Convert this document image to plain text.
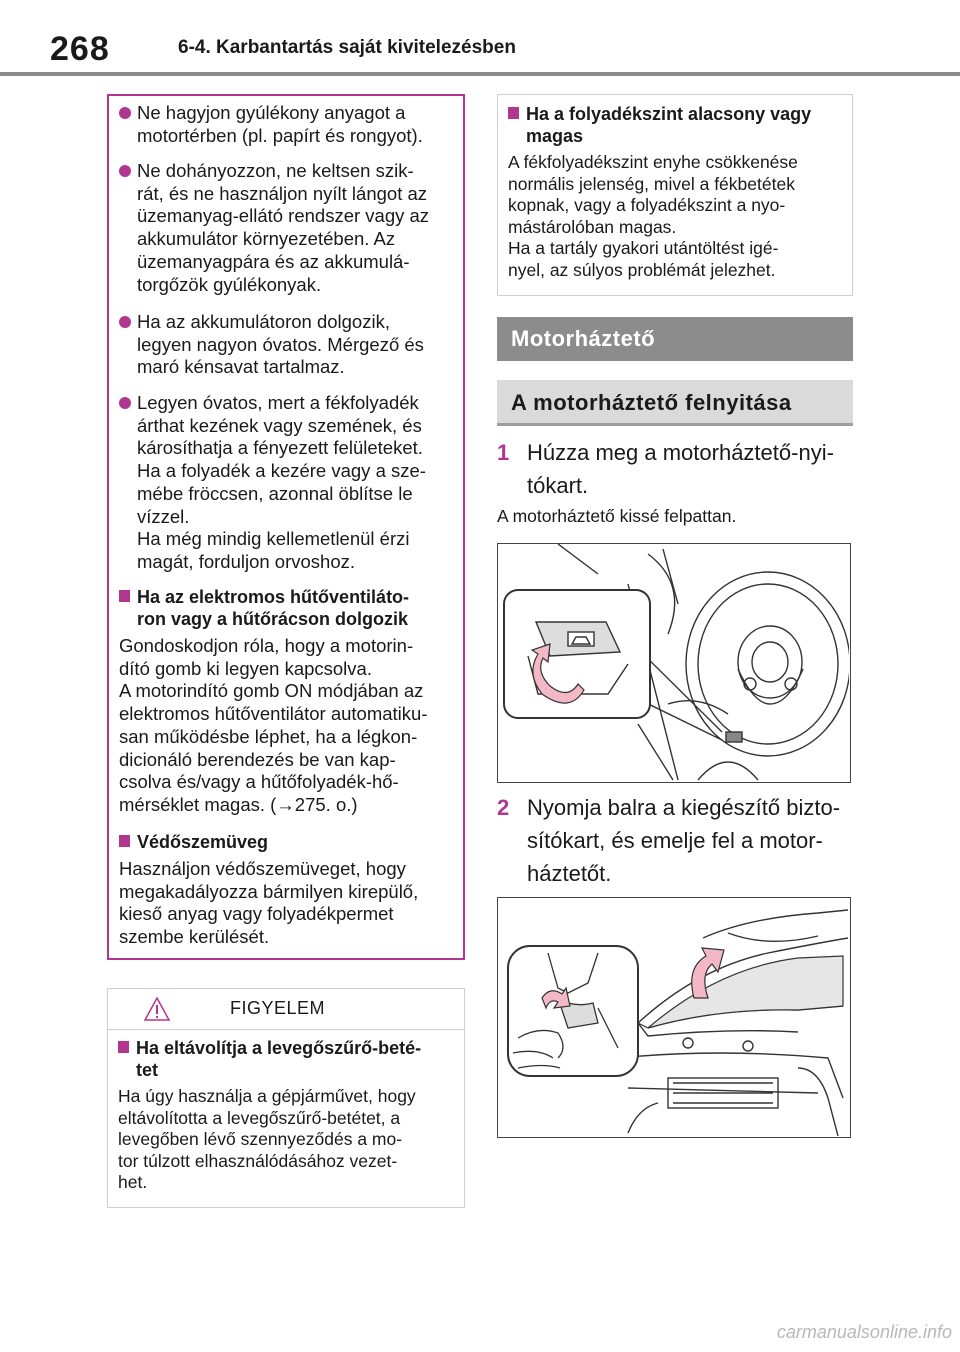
268	6-4. Karbantartás saját kivitelezésben
Ne hagyjon gyúlékony anyagot a
motortérben (pl. papírt és rongyot).
Ne dohányozzon, ne keltsen szik-
rát, és ne használjon nyílt lángot az
üzemanyag-ellátó rendszer vagy az
akkumulátor környezetében. Az
üzemanyagpára és az akkumulá-
torgőzök gyúlékonyak.
Ha az akkumulátoron dolgozik,
legyen nagyon óvatos. Mérgező és
maró kénsavat tartalmaz.
Legyen óvatos, mert a fékfolyadék
árthat kezének vagy szemének, és
károsíthatja a fényezett felületeket.
Ha a folyadék a kezére vagy a sze-
mébe fröccsen, azonnal öblítse le
vízzel.
Ha még mindig kellemetlenül érzi
magát, forduljon orvoshoz.
Ha az elektromos hűtőventiláto-
ron vagy a hűtőrácson dolgozik
Gondoskodjon róla, hogy a motorin-
dító gomb ki legyen kapcsolva.
A motorindító gomb ON módjában az
elektromos hűtőventilátor automatiku-
san működésbe léphet, ha a légkon-
dicionáló berendezés be van kap-
csolva és/vagy a hűtőfolyadék-hő-
mérséklet magas. (→275. o.)
Védőszemüveg
Használjon védőszemüveget, hogy
megakadályozza bármilyen kirepülő,
kieső anyag vagy folyadékpermet
szembe kerülését.
FIGYELEM
Ha eltávolítja a levegőszűrő-beté-
tet
Ha úgy használja a gépjárművet, hogy
eltávolította a levegőszűrő-betétet, a
levegőben lévő szennyeződés a mo-
tor túlzott elhasználódásához vezet-
het.
Ha a folyadékszint alacsony vagy
magas
A fékfolyadékszint enyhe csökkenése
normális jelenség, mivel a fékbetétek
kopnak, vagy a folyadékszint a nyo-
mástárolóban magas.
Ha a tartály gyakori utántöltést igé-
nyel, az súlyos problémát jelezhet.
Motorháztető
A motorháztető felnyitása
1 Húzza meg a motorháztető-nyi-
tókart.
A motorháztető kissé felpattan.
2 Nyomja balra a kiegészítő bizto-
sítókart, és emelje fel a motor-
háztetőt.
carmanualsonline.info
